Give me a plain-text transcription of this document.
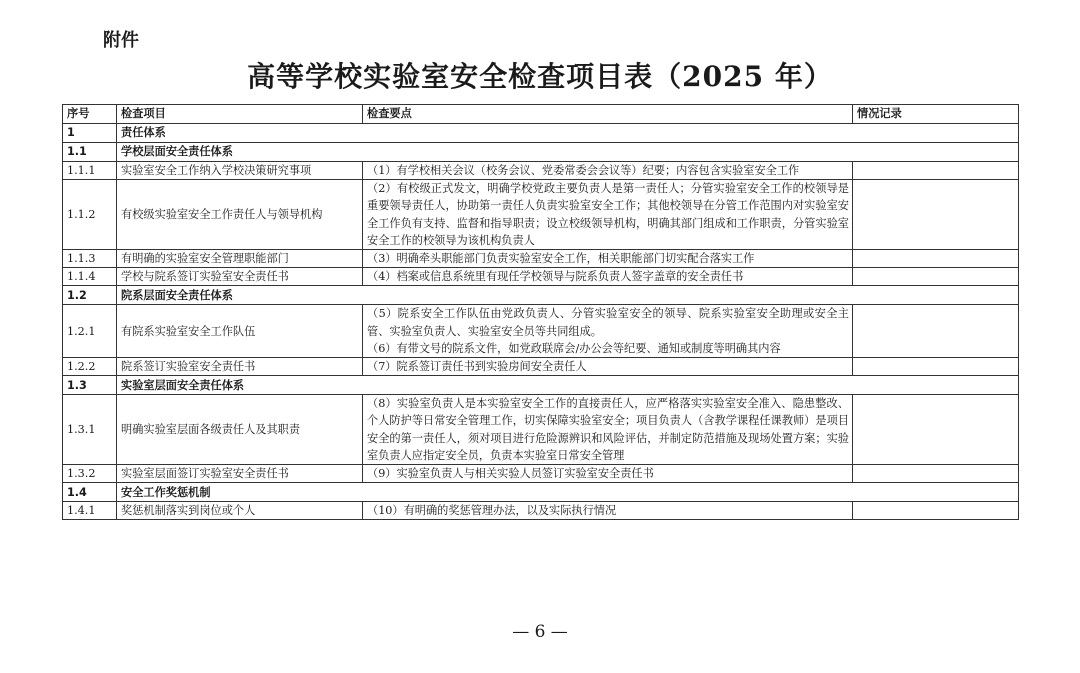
附件
高等学校实验室安全检查项目表（2025 年）
序号	检查项目	检查要点	情况记录
1	责任体系		
1.1	学校层面安全责任体系		
1.1.1	实验室安全工作纳入学校决策研究事项	（1）有学校相关会议（校务会议、党委常委会会议等）纪要；内容包含实验室安全工作	

1.1.2	有校级实验室安全工作责任人与领导机构	（2）有校级正式发文，明确学校党政主要负责人是第一责任人；分管实验室安全工作的校领导是重要领导责任人，协助第一责任人负责实验室安全工作；其他校领导在分管工作范围内对实验室安全工作负有支持、监督和指导职责；设立校级领导机构，明确其部门组成和工作职责，分管实验室安全工作的校领导为该机构负责人	

1.1.3	有明确的实验室安全管理职能部门	（3）明确牵头职能部门负责实验室安全工作，相关职能部门切实配合落实工作	

1.1.4	学校与院系签订实验室安全责任书	（4）档案或信息系统里有现任学校领导与院系负责人签字盖章的安全责任书	

1.2	院系层面安全责任体系		
1.2.1	有院系实验室安全工作队伍	（5）院系安全工作队伍由党政负责人、分管实验室安全的领导、院系实验室安全助理或安全主管、实验室负责人、实验室安全员等共同组成。
（6）有带文号的院系文件，如党政联席会/办公会等纪要、通知或制度等明确其内容	

1.2.2	院系签订实验室安全责任书	（7）院系签订责任书到实验房间安全责任人	

1.3	实验室层面安全责任体系		
1.3.1	明确实验室层面各级责任人及其职责	（8）实验室负责人是本实验室安全工作的直接责任人，应严格落实实验室安全准入、隐患整改、个人防护等日常安全管理工作，切实保障实验室安全；项目负责人（含教学课程任课教师）是项目安全的第一责任人，须对项目进行危险源辨识和风险评估，并制定防范措施及现场处置方案；实验室负责人应指定安全员，负责本实验室日常安全管理	

1.3.2	实验室层面签订实验室安全责任书	（9）实验室负责人与相关实验人员签订实验室安全责任书	

1.4	安全工作奖惩机制		
1.4.1	奖惩机制落实到岗位或个人	（10）有明确的奖惩管理办法，以及实际执行情况	

— 6 —
